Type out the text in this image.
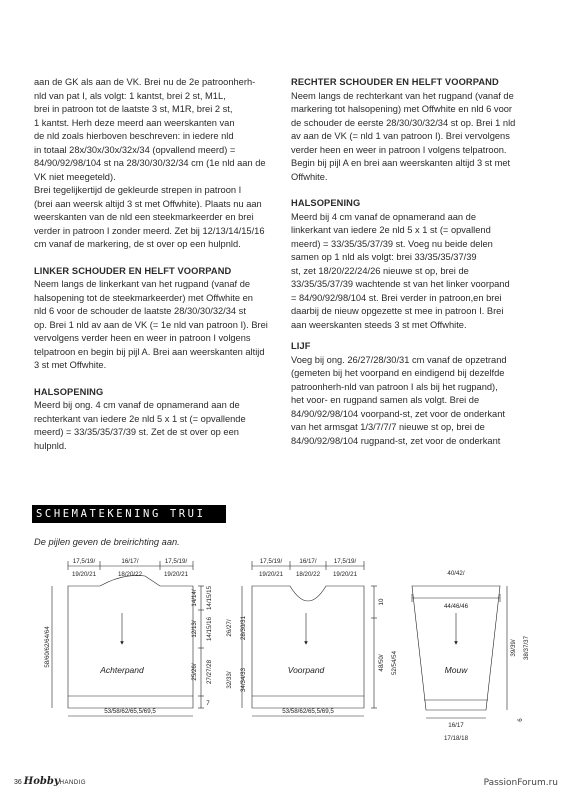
aan de GK als aan de VK. Brei nu de 2e patroonherh-
nld van pat I, als volgt: 1 kantst, brei 2 st, M1L,
brei in patroon tot de laatste 3 st, M1R, brei 2 st,
1 kantst. Herh deze meerd aan weerskanten van
de nld zoals hierboven beschreven: in iedere nld
in totaal 28x/30x/30x/32x/34 (opvallend meerd) =
84/90/92/98/104 st na 28/30/30/32/34 cm (1e nld aan de
VK niet meegeteld).
Brei tegelijkertijd de gekleurde strepen in patroon I
(brei aan weersk altijd 3 st met Offwhite). Plaats nu aan
weerskanten van de nld een steekmarkeerder en brei
verder in patroon I zonder meerd. Zet bij 12/13/14/15/16
cm vanaf de markering, de st over op een hulpnld.

LINKER SCHOUDER EN HELFT VOORPAND

Neem langs de linkerkant van het rugpand (vanaf de
halsopening tot de steekmarkeerder) met Offwhite en
nld 6 voor de schouder de laatste 28/30/30/32/34 st
op. Brei 1 nld av aan de VK (= 1e nld van patroon I). Brei
vervolgens verder heen en weer in patroon I volgens
telpatroon en begin bij pijl A. Brei aan weerskanten altijd
3 st met Offwhite.

HALSOPENING

Meerd bij ong. 4 cm vanaf de opnamerand aan de
rechterkant van iedere 2e nld 5 x 1 st (= opvallende
meerd) = 33/35/35/37/39 st. Zet de st over op een
hulpnld.

RECHTER SCHOUDER EN HELFT VOORPAND

Neem langs de rechterkant van het rugpand (vanaf de
markering tot halsopening) met Offwhite en nld 6 voor
de schouder de eerste 28/30/30/32/34 st op. Brei 1 nld
av aan de VK (= nld 1 van patroon I). Brei vervolgens
verder heen en weer in patroon I volgens telpatroon.
Begin bij pijl A en brei aan weerskanten altijd 3 st met
Offwhite.

HALSOPENING

Meerd bij 4 cm vanaf de opnamerand aan de
linkerkant van iedere 2e nld 5 x 1 st (= opvallend
meerd) = 33/35/35/37/39 st. Voeg nu beide delen
samen op 1 nld als volgt: brei 33/35/35/37/39
st, zet 18/20/22/24/26 nieuwe st op, brei de
33/35/35/37/39 wachtende st van het linker voorpand
= 84/90/92/98/104 st. Brei verder in patroon,en brei
daarbij de nieuw opgezette st mee in patroon I. Brei
aan weerskanten steeds 3 st met Offwhite.

LIJF

Voeg bij ong. 26/27/28/30/31 cm vanaf de opzetrand
(gemeten bij het voorpand en eindigend bij dezelfde
patroonherh-nld van patroon I als bij het rugpand),
het voor- en rugpand samen als volgt. Brei de
84/90/92/98/104 voorpand-st, zet voor de onderkant
van het armsgat 1/3/7/7/7 nieuwe st op, brei de
84/90/92/98/104 rugpand-st, zet voor de onderkant

SCHEMATEKENING TRUI
De pijlen geven de breirichting aan.
17,5/19/
19/20/21
16/17/
18/20/22
17,5/19/
19/20/21
58/60/62/64/64
14/14/ 14/15/15
12/13/ 14/15/16
25/26/ 27/27/28
7
53/58/62/65,5/69,5
Achterpand
17,5/19/
19/20/21
16/17/
18/20/22
17,5/19/
19/20/21
26/27/ 28/30/31
32/33/ 34/34/33
10
48/50/ 52/54/54
53/58/62/65,5/69,5
Voorpand
40/42/
44/46/46
39/39/ 38/37/37
6
16/17
17/18/18
Mouw
36 HobbyHANDIG	PassionForum.ru
